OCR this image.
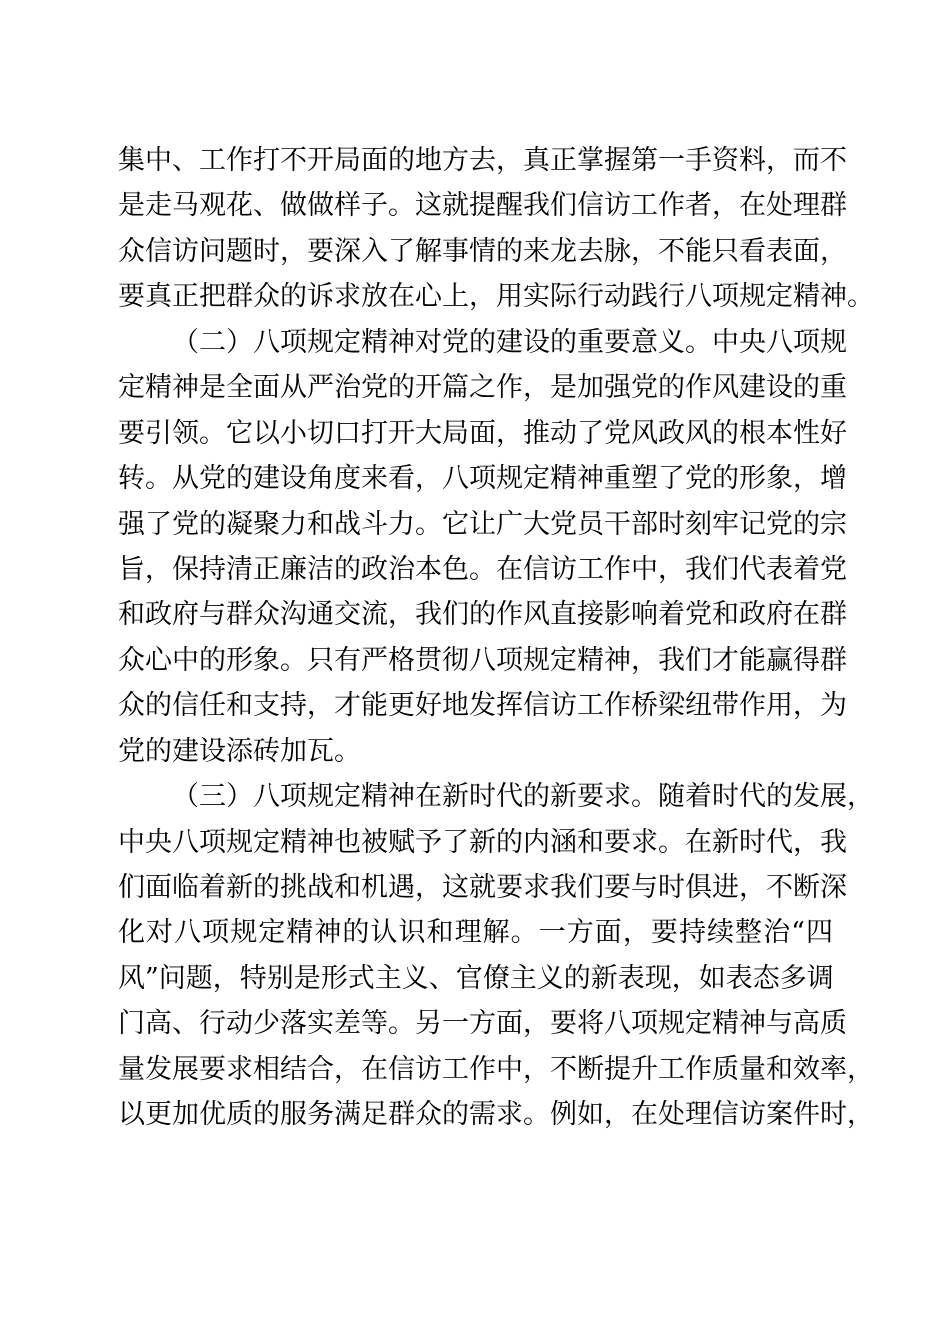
集中、工作打不开局面的地方去，真正掌握第一手资料，而不
是走马观花、做做样子。这就提醒我们信访工作者，在处理群
众信访问题时，要深入了解事情的来龙去脉，不能只看表面，
要真正把群众的诉求放在心上，用实际行动践行八项规定精神。
（二）八项规定精神对党的建设的重要意义。中央八项规
定精神是全面从严治党的开篇之作，是加强党的作风建设的重
要引领。它以小切口打开大局面，推动了党风政风的根本性好
转。从党的建设角度来看，八项规定精神重塑了党的形象，增
强了党的凝聚力和战斗力。它让广大党员干部时刻牢记党的宗
旨，保持清正廉洁的政治本色。在信访工作中，我们代表着党
和政府与群众沟通交流，我们的作风直接影响着党和政府在群
众心中的形象。只有严格贯彻八项规定精神，我们才能赢得群
众的信任和支持，才能更好地发挥信访工作桥梁纽带作用，为
党的建设添砖加瓦。
（三）八项规定精神在新时代的新要求。随着时代的发展，
中央八项规定精神也被赋予了新的内涵和要求。在新时代，我
们面临着新的挑战和机遇，这就要求我们要与时俱进，不断深
化对八项规定精神的认识和理解。一方面，要持续整治“四
风”问题，特别是形式主义、官僚主义的新表现，如表态多调
门高、行动少落实差等。另一方面，要将八项规定精神与高质
量发展要求相结合，在信访工作中，不断提升工作质量和效率，
以更加优质的服务满足群众的需求。例如，在处理信访案件时，
